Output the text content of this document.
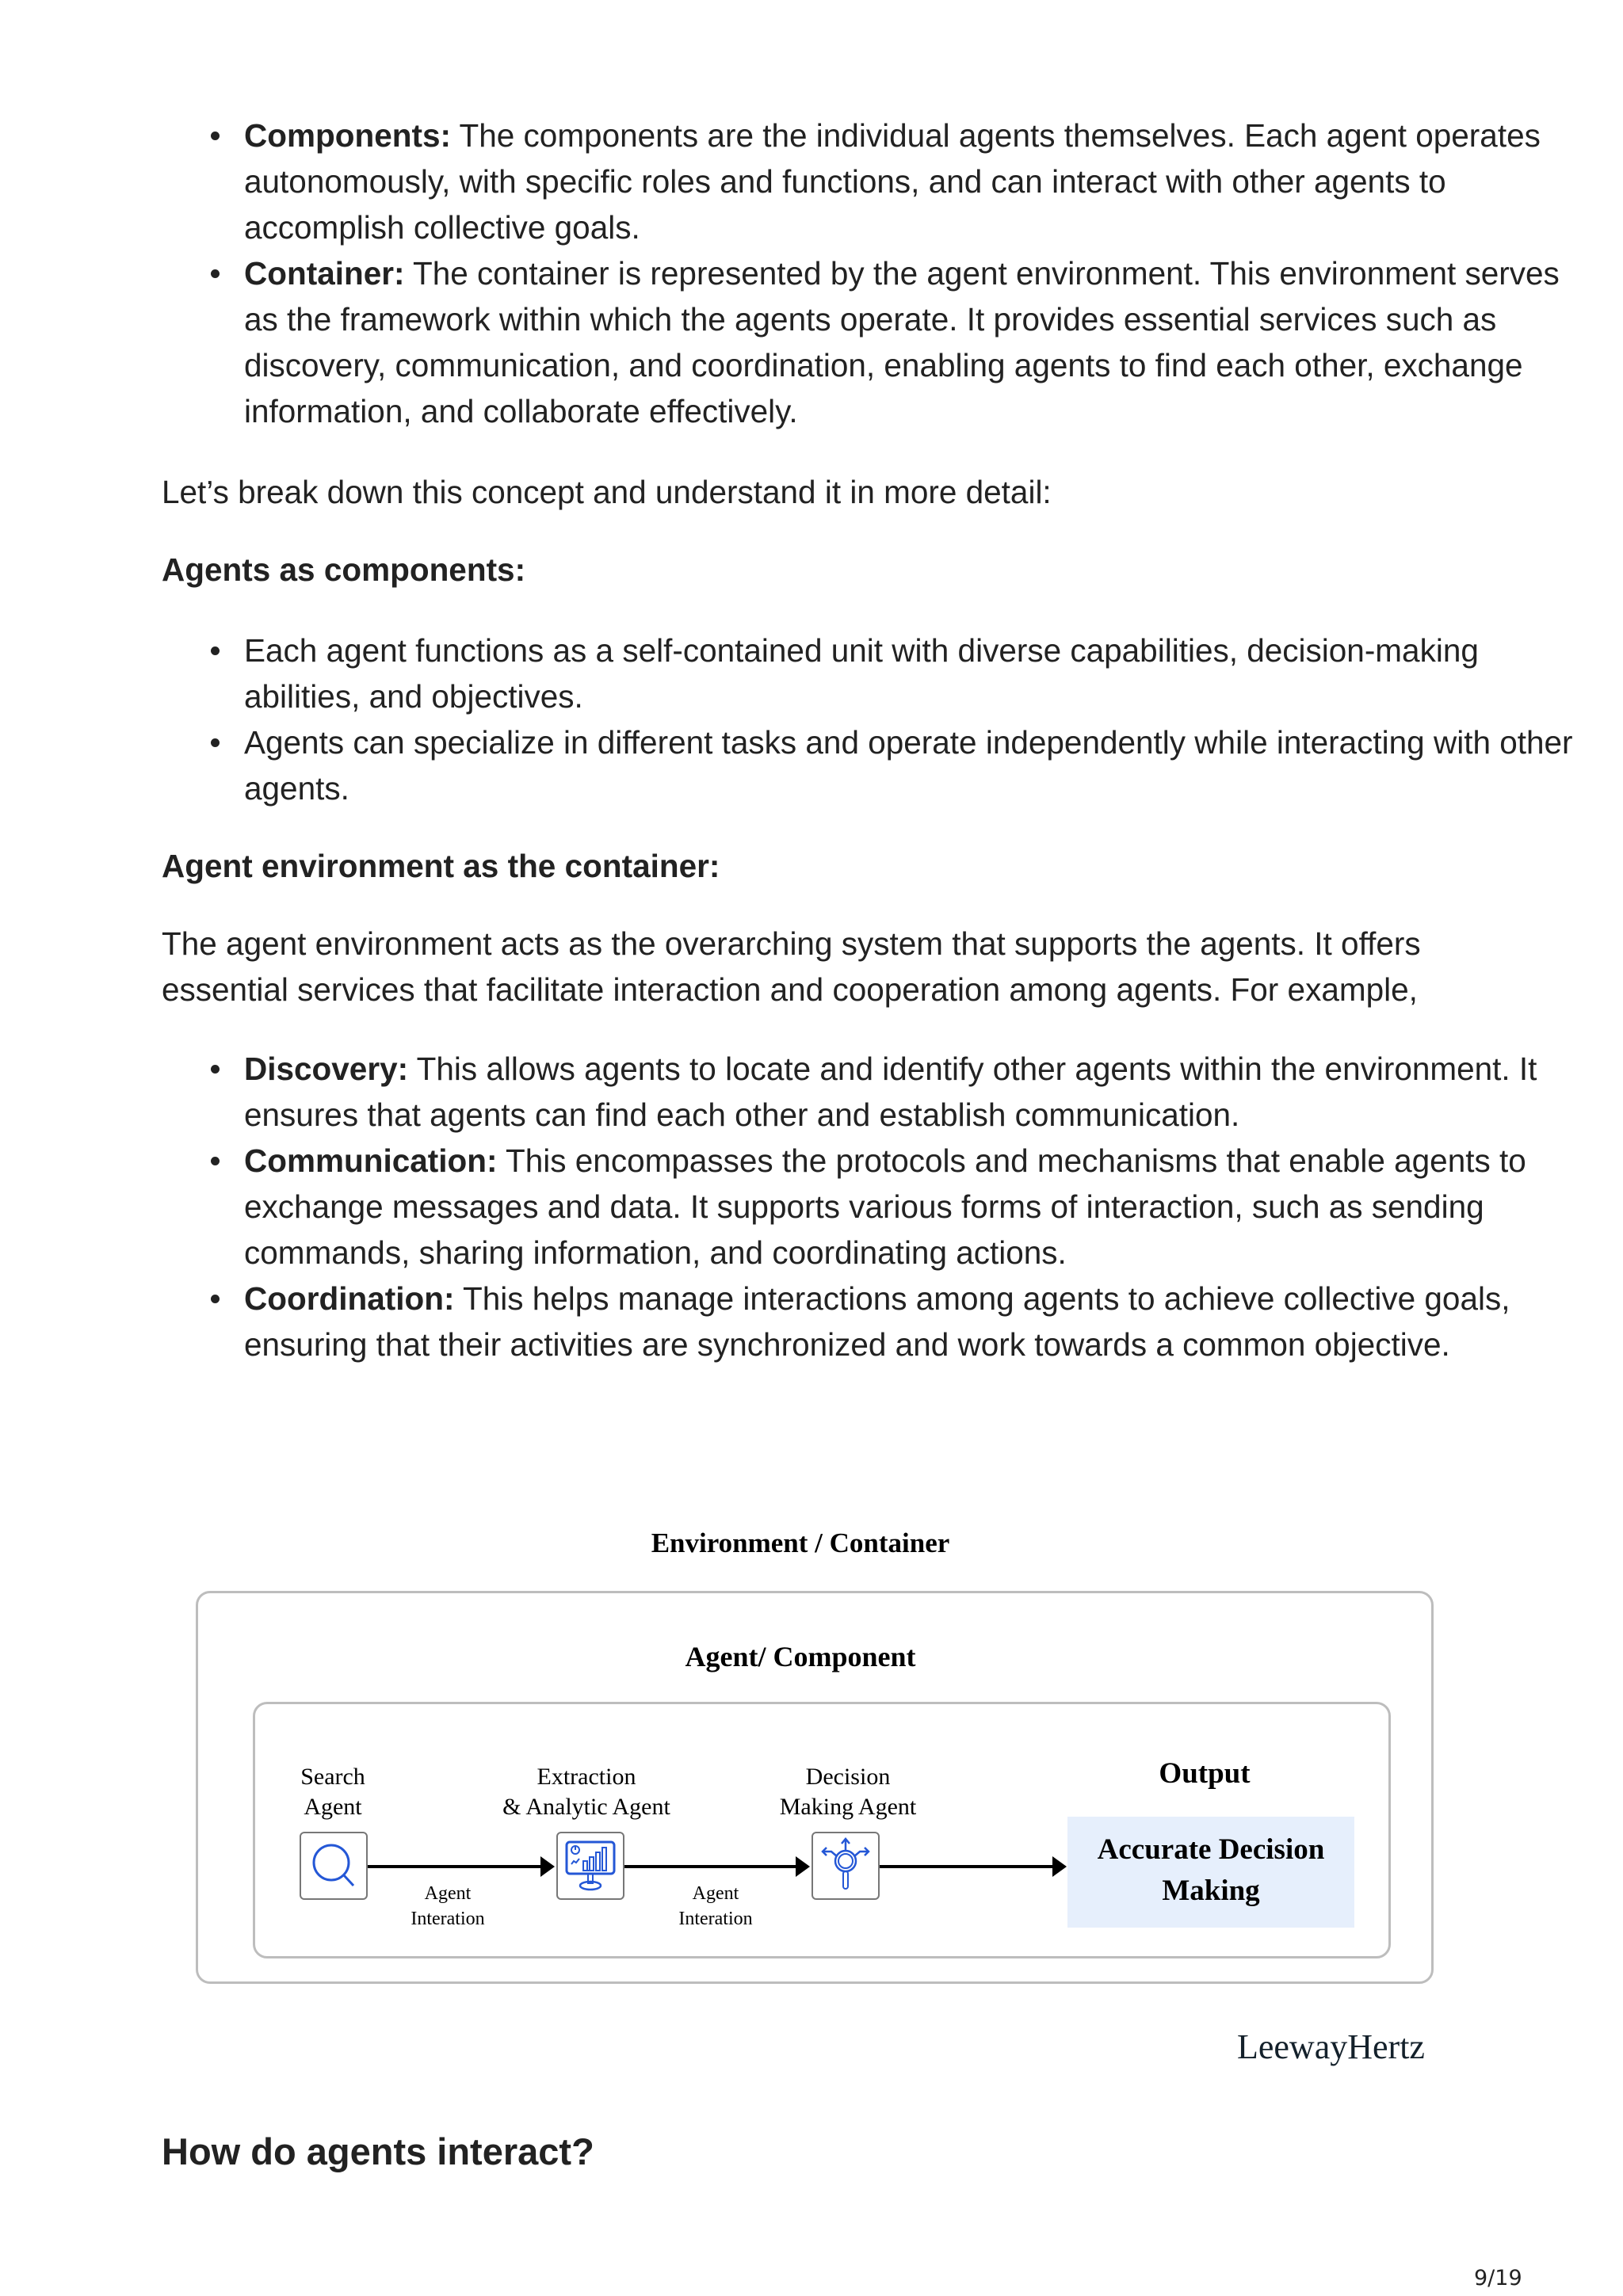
Components: The components are the individual agents themselves. Each agent operates autonomously, with specific roles and functions, and can interact with other agents to accomplish collective goals.
Container: The container is represented by the agent environment. This environment serves as the framework within which the agents operate. It provides essential services such as discovery, communication, and coordination, enabling agents to find each other, exchange information, and collaborate effectively.
Let’s break down this concept and understand it in more detail:
Agents as components:
Each agent functions as a self-contained unit with diverse capabilities, decision-making abilities, and objectives.
Agents can specialize in different tasks and operate independently while interacting with other agents.
Agent environment as the container:
The agent environment acts as the overarching system that supports the agents. It offers essential services that facilitate interaction and cooperation among agents. For example,
Discovery: This allows agents to locate and identify other agents within the environment. It ensures that agents can find each other and establish communication.
Communication: This encompasses the protocols and mechanisms that enable agents to exchange messages and data. It supports various forms of interaction, such as sending commands, sharing information, and coordinating actions.
Coordination: This helps manage interactions among agents to achieve collective goals, ensuring that their activities are synchronized and work towards a common objective.
Environment / Container
Agent/ Component
Search
Agent
Extraction
& Analytic Agent
Decision
Making Agent
Output
Agent
Interation
Agent
Interation
Accurate Decision
Making
LeewayHertz
How do agents interact?
9/19
